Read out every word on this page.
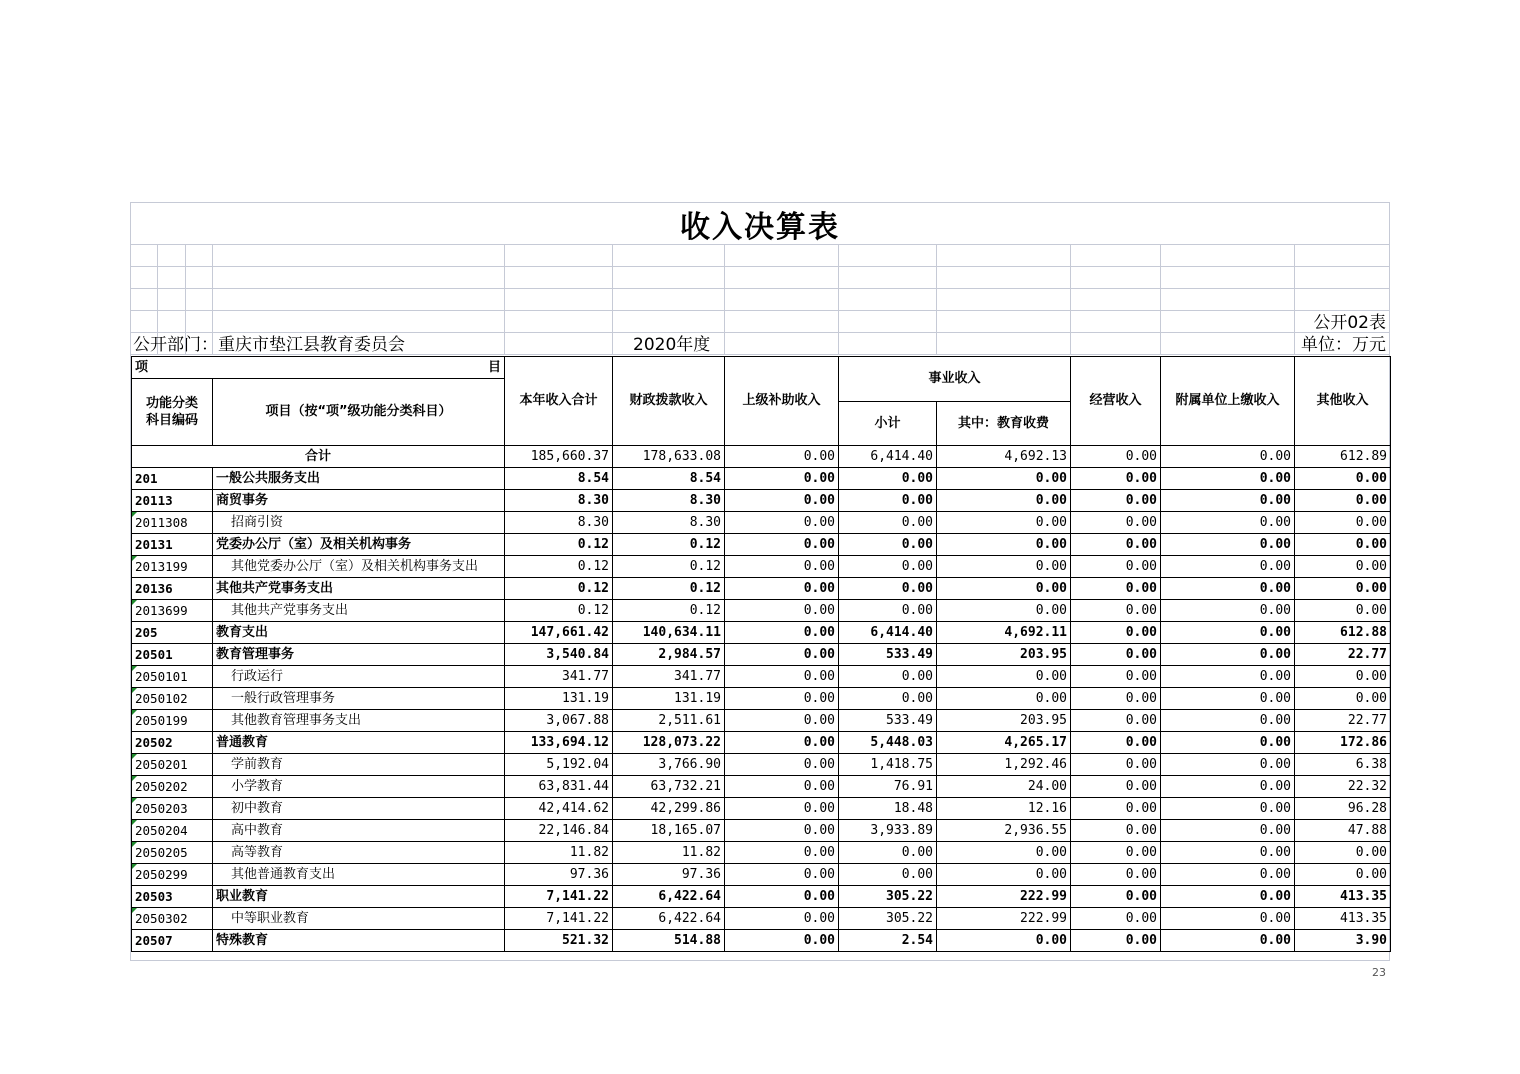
收入决算表
公开02表
公开部门：重庆市垫江县教育委员会	2020年度	单位：万元
项 目		本年收入合计	财政拨款收入	上级补助收入	事业收入		经营收入	附属单位上缴收入	其他收入
功能分类
科目编码	项目（按“项”级功能分类科目）								
					小计	其中：教育收费			
合计		185,660.37	178,633.08	0.00	6,414.40	4,692.13	0.00	0.00	612.89
201	一般公共服务支出	8.54	8.54	0.00	0.00	0.00	0.00	0.00	0.00
20113	商贸事务	8.30	8.30	0.00	0.00	0.00	0.00	0.00	0.00
2011308	招商引资	8.30	8.30	0.00	0.00	0.00	0.00	0.00	0.00
20131	党委办公厅（室）及相关机构事务	0.12	0.12	0.00	0.00	0.00	0.00	0.00	0.00
2013199	其他党委办公厅（室）及相关机构事务支出	0.12	0.12	0.00	0.00	0.00	0.00	0.00	0.00
20136	其他共产党事务支出	0.12	0.12	0.00	0.00	0.00	0.00	0.00	0.00
2013699	其他共产党事务支出	0.12	0.12	0.00	0.00	0.00	0.00	0.00	0.00
205	教育支出	147,661.42	140,634.11	0.00	6,414.40	4,692.11	0.00	0.00	612.88
20501	教育管理事务	3,540.84	2,984.57	0.00	533.49	203.95	0.00	0.00	22.77
2050101	行政运行	341.77	341.77	0.00	0.00	0.00	0.00	0.00	0.00
2050102	一般行政管理事务	131.19	131.19	0.00	0.00	0.00	0.00	0.00	0.00
2050199	其他教育管理事务支出	3,067.88	2,511.61	0.00	533.49	203.95	0.00	0.00	22.77
20502	普通教育	133,694.12	128,073.22	0.00	5,448.03	4,265.17	0.00	0.00	172.86
2050201	学前教育	5,192.04	3,766.90	0.00	1,418.75	1,292.46	0.00	0.00	6.38
2050202	小学教育	63,831.44	63,732.21	0.00	76.91	24.00	0.00	0.00	22.32
2050203	初中教育	42,414.62	42,299.86	0.00	18.48	12.16	0.00	0.00	96.28
2050204	高中教育	22,146.84	18,165.07	0.00	3,933.89	2,936.55	0.00	0.00	47.88
2050205	高等教育	11.82	11.82	0.00	0.00	0.00	0.00	0.00	0.00
2050299	其他普通教育支出	97.36	97.36	0.00	0.00	0.00	0.00	0.00	0.00
20503	职业教育	7,141.22	6,422.64	0.00	305.22	222.99	0.00	0.00	413.35
2050302	中等职业教育	7,141.22	6,422.64	0.00	305.22	222.99	0.00	0.00	413.35
20507	特殊教育	521.32	514.88	0.00	2.54	0.00	0.00	0.00	3.90
23
